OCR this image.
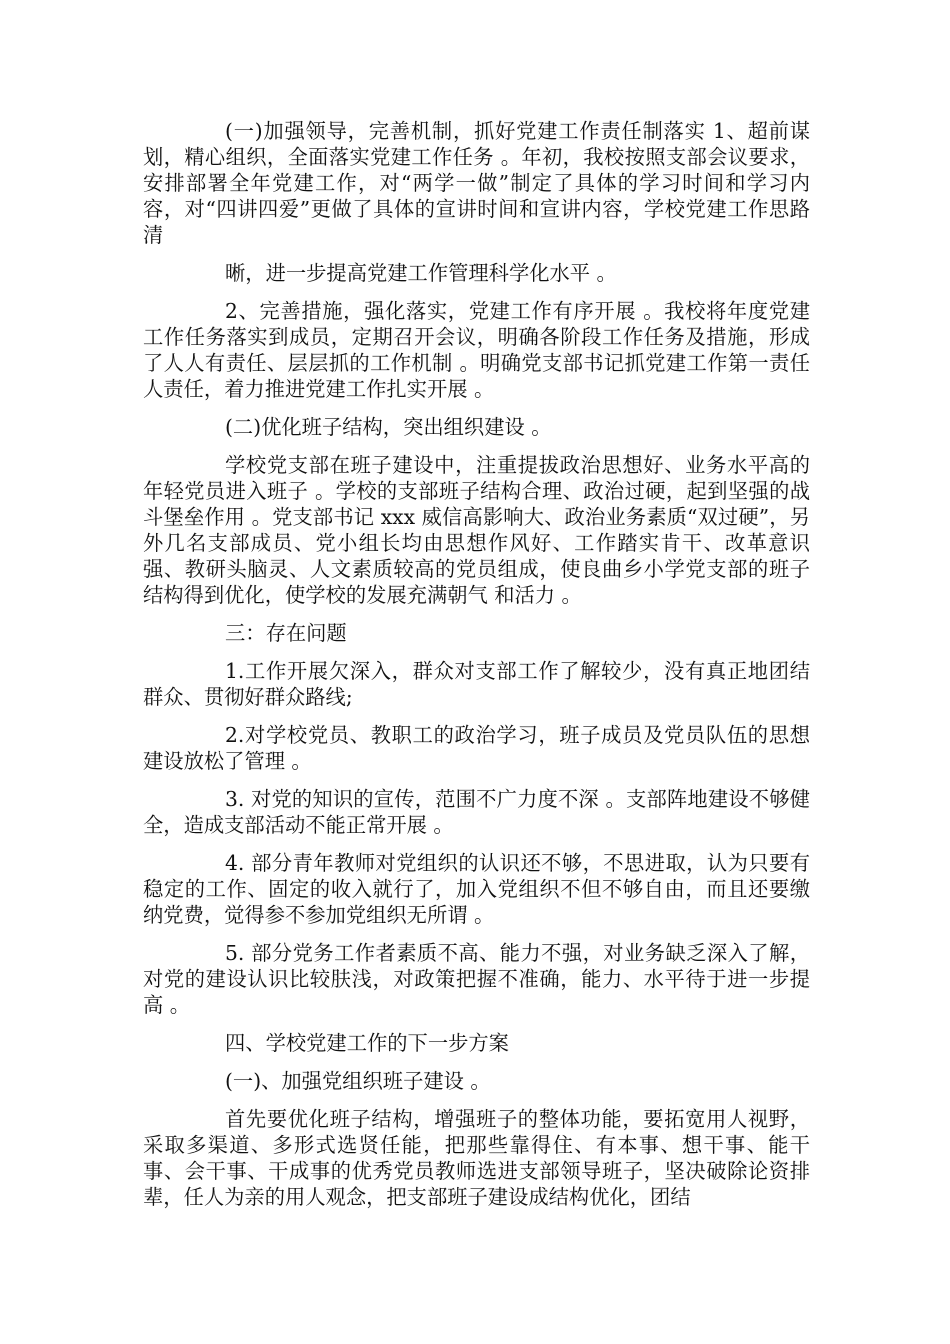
(一)加强领导，完善机制，抓好党建工作责任制落实 1、超前谋划，精心组织，全面落实党建工作任务 。年初，我校按照支部会议要求，安排部署全年党建工作，对“两学一做”制定了具体的学习时间和学习内容，对“四讲四爱”更做了具体的宣讲时间和宣讲内容，学校党建工作思路清

晰，进一步提高党建工作管理科学化水平 。

2、完善措施，强化落实，党建工作有序开展 。我校将年度党建工作任务落实到成员，定期召开会议，明确各阶段工作任务及措施，形成了人人有责任、层层抓的工作机制 。明确党支部书记抓党建工作第一责任人责任，着力推进党建工作扎实开展 。

(二)优化班子结构，突出组织建设 。

学校党支部在班子建设中，注重提拔政治思想好、业务水平高的年轻党员进入班子 。学校的支部班子结构合理、政治过硬，起到坚强的战斗堡垒作用 。党支部书记 xxx 威信高影响大、政治业务素质“双过硬”，另外几名支部成员、党小组长均由思想作风好、工作踏实肯干、改革意识强、教研头脑灵、人文素质较高的党员组成，使良曲乡小学党支部的班子结构得到优化，使学校的发展充满朝气 和活力 。

三：存在问题

1.工作开展欠深入，群众对支部工作了解较少，没有真正地团结群众、贯彻好群众路线;

2.对学校党员、教职工的政治学习，班子成员及党员队伍的思想建设放松了管理 。

3. 对党的知识的宣传，范围不广力度不深 。支部阵地建设不够健全，造成支部活动不能正常开展 。

4. 部分青年教师对党组织的认识还不够，不思进取，认为只要有稳定的工作、固定的收入就行了，加入党组织不但不够自由，而且还要缴纳党费，觉得参不参加党组织无所谓 。

5. 部分党务工作者素质不高、能力不强，对业务缺乏深入了解，对党的建设认识比较肤浅，对政策把握不准确，能力、水平待于进一步提高 。

四、学校党建工作的下一步方案

(一)、加强党组织班子建设 。

首先要优化班子结构，增强班子的整体功能，要拓宽用人视野，采取多渠道、多形式选贤任能，把那些靠得住、有本事、想干事、能干事、会干事、干成事的优秀党员教师选进支部领导班子，坚决破除论资排辈，任人为亲的用人观念，把支部班子建设成结构优化，团结
